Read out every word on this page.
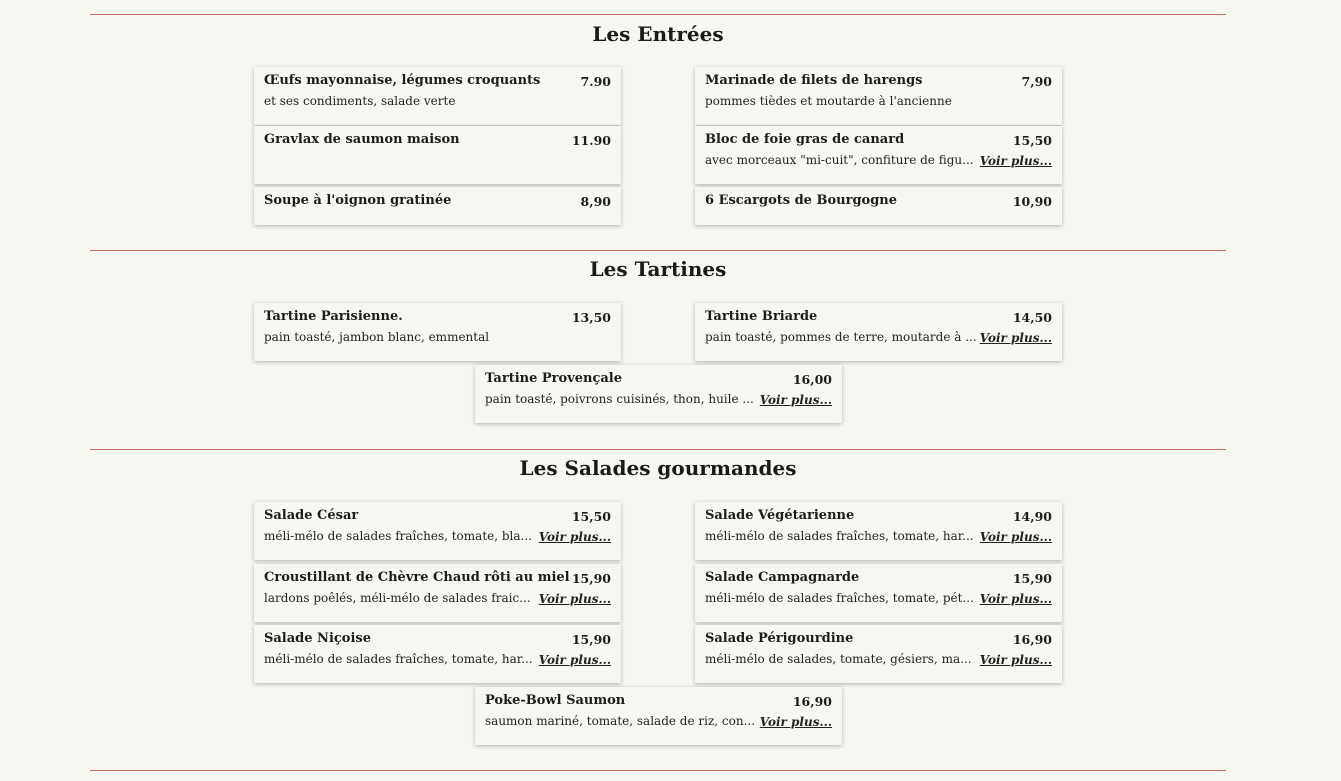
Les Entrées
Œufs mayonnaise, légumes croquants	7.90
et ses condiments, salade verte
Marinade de filets de harengs	7,90
pommes tièdes et moutarde à l'ancienne
Gravlax de saumon maison	11.90	Bloc de foie gras de canard	15,50
avec morceaux "mi-cuit", confiture de figu... Voir plus...
Soupe à l'oignon gratinée	8,90	6 Escargots de Bourgogne	10,90
Les Tartines
Tartine Parisienne.	13,50
pain toasté, jambon blanc, emmental
Tartine Briarde	14,50
pain toasté, pommes de terre, moutarde à ... Voir plus...
Tartine Provençale	16,00
pain toasté, poivrons cuisinés, thon, huile ... Voir plus...
Les Salades gourmandes
Salade César	15,50
méli-mélo de salades fraîches, tomate, bla... Voir plus...
Salade Végétarienne	14,90
méli-mélo de salades fraîches, tomate, har... Voir plus...
Croustillant de Chèvre Chaud rôti au miel 15,90
lardons poêlés, méli-mélo de salades fraic... Voir plus...
Salade Campagnarde	15,90
méli-mélo de salades fraîches, tomate, pét... Voir plus...
Salade Niçoise	15,90
méli-mélo de salades fraîches, tomate, har... Voir plus...
Salade Périgourdine	16,90
méli-mélo de salades, tomate, gésiers, ma... Voir plus...
Poke-Bowl Saumon	16,90
saumon mariné, tomate, salade de riz, con... Voir plus...
